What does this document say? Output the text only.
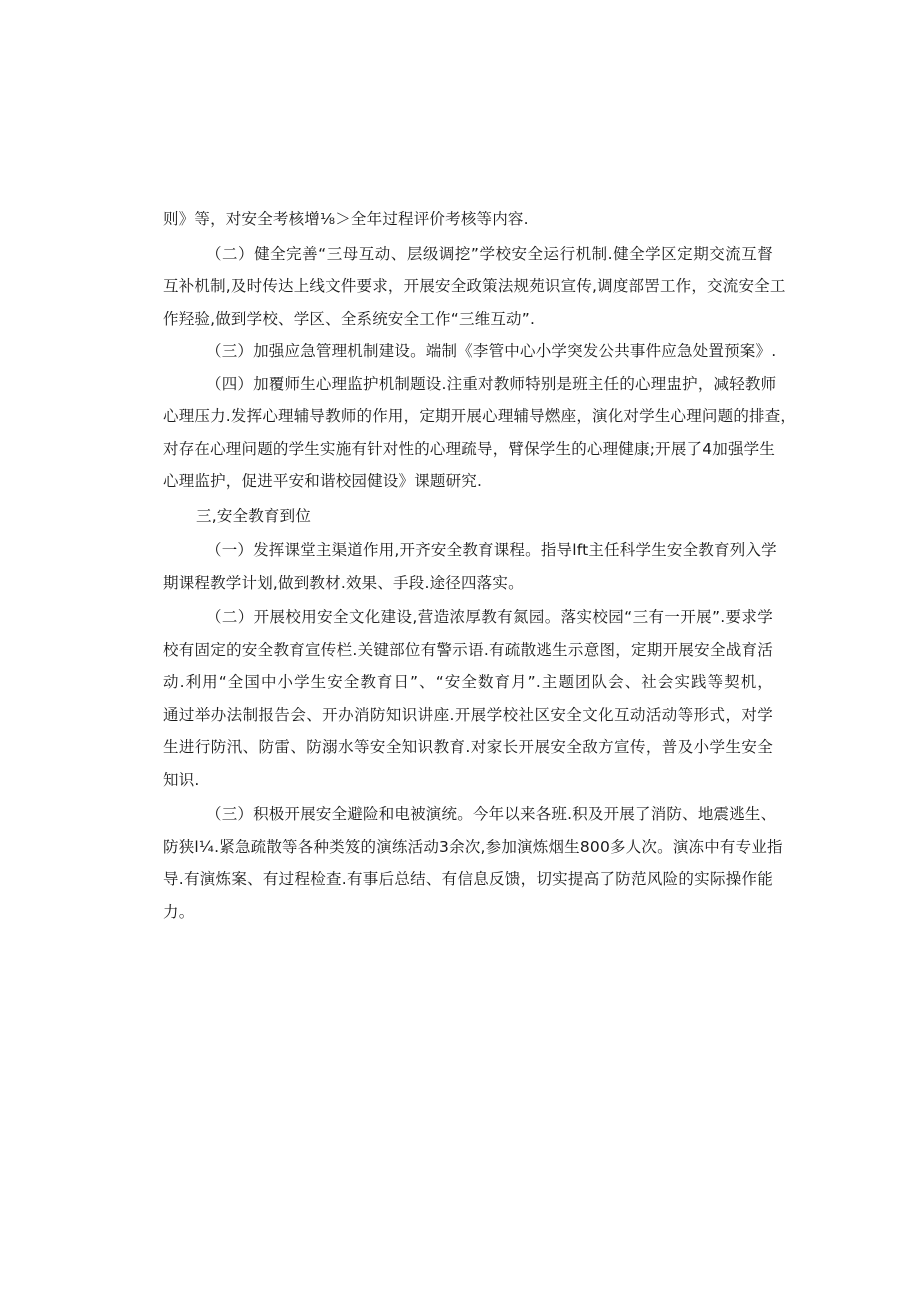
则》等，对安全考核增⅛＞全年过程评价考核等内容.
（二）健全完善“三母互动、层级调挖”学校安全运行机制.健全学区定期交流互督
互补机制,及时传达上线文件要求，开展安全政策法规苑识宣传,调度部罟工作，交流安全工
作羟验,做到学校、学区、全系统安全工作“三维互动”.
（三）加强应急管理机制建设。端制《李管中心小学突发公共事件应急处置预案》.
（四）加覆师生心理监护机制题设.注重对教师特别是班主任的心理盅护，减轻教师
心理压力.发挥心理辅导教师的作用，定期开展心理辅导燃座，演化对学生心理问题的排查，
对存在心理问题的学生实施有针对性的心理疏导，臂保学生的心理健康;开展了4加强学生
心理监护，促进平安和谐校园健设》课题研究.
三,安全教育到位
（一）发挥课堂主渠道作用,开齐安全教育课程。指导lft主任科学生安全教育列入学
期课程教学计划,做到教材.效果、手段.途径四落实。
（二）开展校用安全文化建设,营造浓厚教有氮园。落实校园“三有一开展”.要求学
校有固定的安全教育宣传栏.关键部位有警示语.有疏散逃生示意图，定期开展安全战育活
动.利用“全国中小学生安全教育日”、“安全数育月”.主题团队会、社会实践等契机，
通过举办法制报告会、开办消防知识讲座.开展学校社区安全文化互动活动等形式，对学
生进行防汛、防雷、防溺水等安全知识教育.对家长开展安全敌方宣传，普及小学生安全
知识.
（三）积极开展安全避险和电被演统。今年以来各班.积及开展了消防、地震逃生、
防狭l¼.紧急疏散等各种类笈的演练活动3余次,参加演炼烟生800多人次。演冻中有专业指
导.有演炼案、有过程检查.有事后总结、有信息反馈，切实提高了防范风险的实际操作能
力。
